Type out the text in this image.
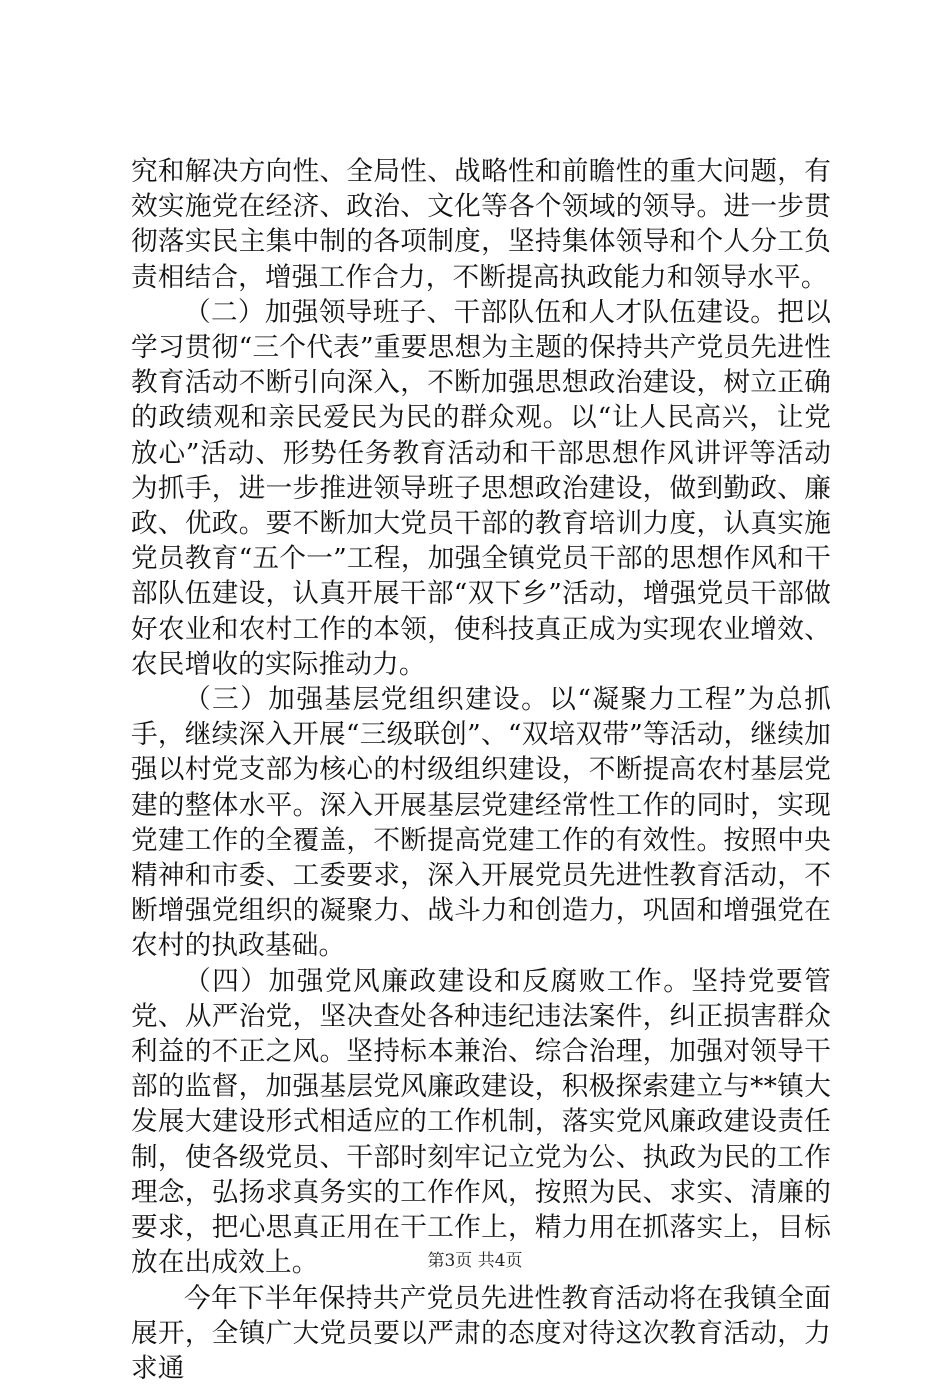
究和解决方向性、全局性、战略性和前瞻性的重大问题，有效实施党在经济、政治、文化等各个领域的领导。进一步贯彻落实民主集中制的各项制度，坚持集体领导和个人分工负责相结合，增强工作合力，不断提高执政能力和领导水平。

（二）加强领导班子、干部队伍和人才队伍建设。把以学习贯彻“三个代表”重要思想为主题的保持共产党员先进性教育活动不断引向深入，不断加强思想政治建设，树立正确的政绩观和亲民爱民为民的群众观。以“让人民高兴，让党放心”活动、形势任务教育活动和干部思想作风讲评等活动为抓手，进一步推进领导班子思想政治建设，做到勤政、廉政、优政。要不断加大党员干部的教育培训力度，认真实施党员教育“五个一”工程，加强全镇党员干部的思想作风和干部队伍建设，认真开展干部“双下乡”活动，增强党员干部做好农业和农村工作的本领，使科技真正成为实现农业增效、农民增收的实际推动力。

（三）加强基层党组织建设。以“凝聚力工程”为总抓手，继续深入开展“三级联创”、“双培双带”等活动，继续加强以村党支部为核心的村级组织建设，不断提高农村基层党建的整体水平。深入开展基层党建经常性工作的同时，实现党建工作的全覆盖，不断提高党建工作的有效性。按照中央精神和市委、工委要求，深入开展党员先进性教育活动，不断增强党组织的凝聚力、战斗力和创造力，巩固和增强党在农村的执政基础。

（四）加强党风廉政建设和反腐败工作。坚持党要管党、从严治党，坚决查处各种违纪违法案件，纠正损害群众利益的不正之风。坚持标本兼治、综合治理，加强对领导干部的监督，加强基层党风廉政建设，积极探索建立与**镇大发展大建设形式相适应的工作机制，落实党风廉政建设责任制，使各级党员、干部时刻牢记立党为公、执政为民的工作理念，弘扬求真务实的工作作风，按照为民、求实、清廉的要求，把心思真正用在干工作上，精力用在抓落实上，目标放在出成效上。

今年下半年保持共产党员先进性教育活动将在我镇全面展开，全镇广大党员要以严肃的态度对待这次教育活动，力求通

第3页 共4页
